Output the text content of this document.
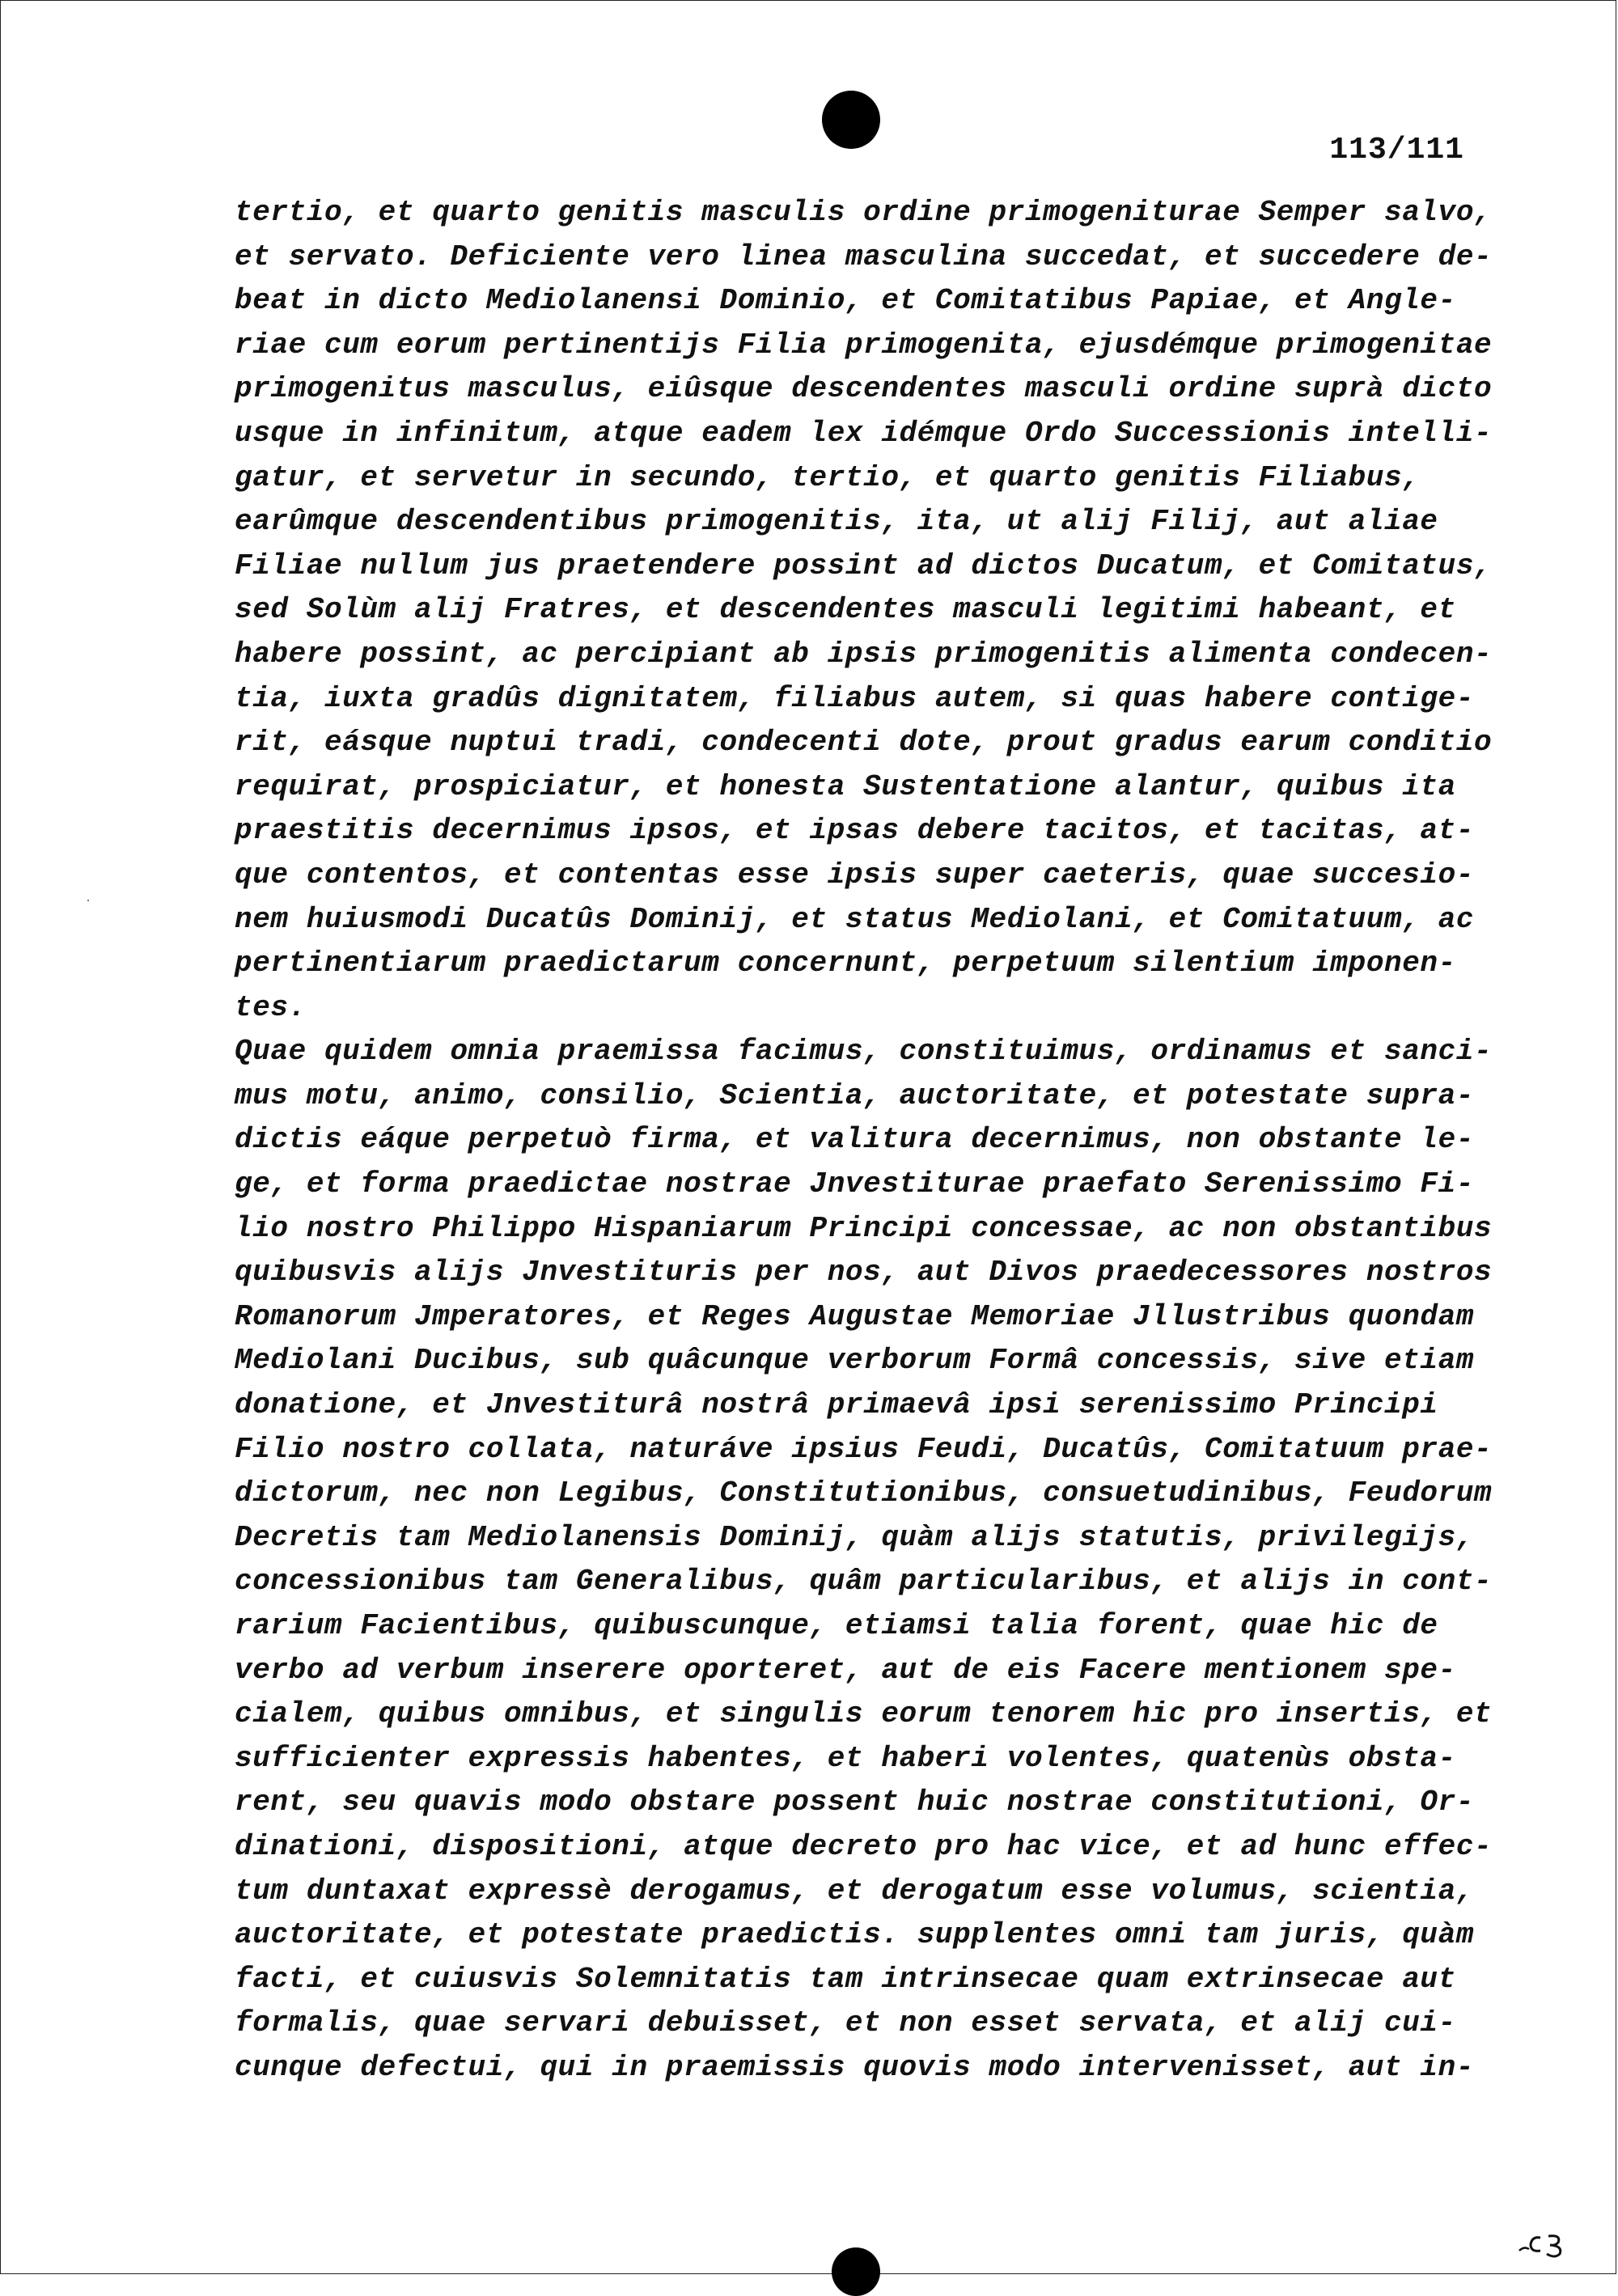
113/111
tertio, et quarto genitis masculis ordine primogeniturae Semper salvo,
et servato. Deficiente vero linea masculina succedat, et succedere de-
beat in dicto Mediolanensi Dominio, et Comitatibus Papiae, et Angle-
riae cum eorum pertinentijs Filia primogenita, ejusdémque primogenitae
primogenitus masculus, eiûsque descendentes masculi ordine suprà dicto
usque in infinitum, atque eadem lex idémque Ordo Successionis intelli-
gatur, et servetur in secundo, tertio, et quarto genitis Filiabus,
earûmque descendentibus primogenitis, ita, ut alij Filij, aut aliae
Filiae nullum jus praetendere possint ad dictos Ducatum, et Comitatus,
sed Solùm alij Fratres, et descendentes masculi legitimi habeant, et
habere possint, ac percipiant ab ipsis primogenitis alimenta condecen-
tia, iuxta gradûs dignitatem, filiabus autem, si quas habere contige-
rit, eásque nuptui tradi, condecenti dote, prout gradus earum conditio
requirat, prospiciatur, et honesta Sustentatione alantur, quibus ita
praestitis decernimus ipsos, et ipsas debere tacitos, et tacitas, at-
que contentos, et contentas esse ipsis super caeteris, quae succesio-
nem huiusmodi Ducatûs Dominij, et status Mediolani, et Comitatuum, ac
pertinentiarum praedictarum concernunt, perpetuum silentium imponen-
tes.
Quae quidem omnia praemissa facimus, constituimus, ordinamus et sanci-
mus motu, animo, consilio, Scientia, auctoritate, et potestate supra-
dictis eáque perpetuò firma, et valitura decernimus, non obstante le-
ge, et forma praedictae nostrae Jnvestiturae praefato Serenissimo Fi-
lio nostro Philippo Hispaniarum Principi concessae, ac non obstantibus
quibusvis alijs Jnvestituris per nos, aut Divos praedecessores nostros
Romanorum Jmperatores, et Reges Augustae Memoriae Jllustribus quondam
Mediolani Ducibus, sub quâcunque verborum Formâ concessis, sive etiam
donatione, et Jnvestiturâ nostrâ primaevâ ipsi serenissimo Principi
Filio nostro collata, naturáve ipsius Feudi, Ducatûs, Comitatuum prae-
dictorum, nec non Legibus, Constitutionibus, consuetudinibus, Feudorum
Decretis tam Mediolanensis Dominij, quàm alijs statutis, privilegijs,
concessionibus tam Generalibus, quâm particularibus, et alijs in cont-
rarium Facientibus, quibuscunque, etiamsi talia forent, quae hic de
verbo ad verbum inserere oporteret, aut de eis Facere mentionem spe-
cialem, quibus omnibus, et singulis eorum tenorem hic pro insertis, et
sufficienter expressis habentes, et haberi volentes, quatenùs obsta-
rent, seu quavis modo obstare possent huic nostrae constitutioni, Or-
dinationi, dispositioni, atque decreto pro hac vice, et ad hunc effec-
tum duntaxat expressè derogamus, et derogatum esse volumus, scientia,
auctoritate, et potestate praedictis. supplentes omni tam juris, quàm
facti, et cuiusvis Solemnitatis tam intrinsecae quam extrinsecae aut
formalis, quae servari debuisset, et non esset servata, et alij cui-
cunque defectui, qui in praemissis quovis modo intervenisset, aut in-
